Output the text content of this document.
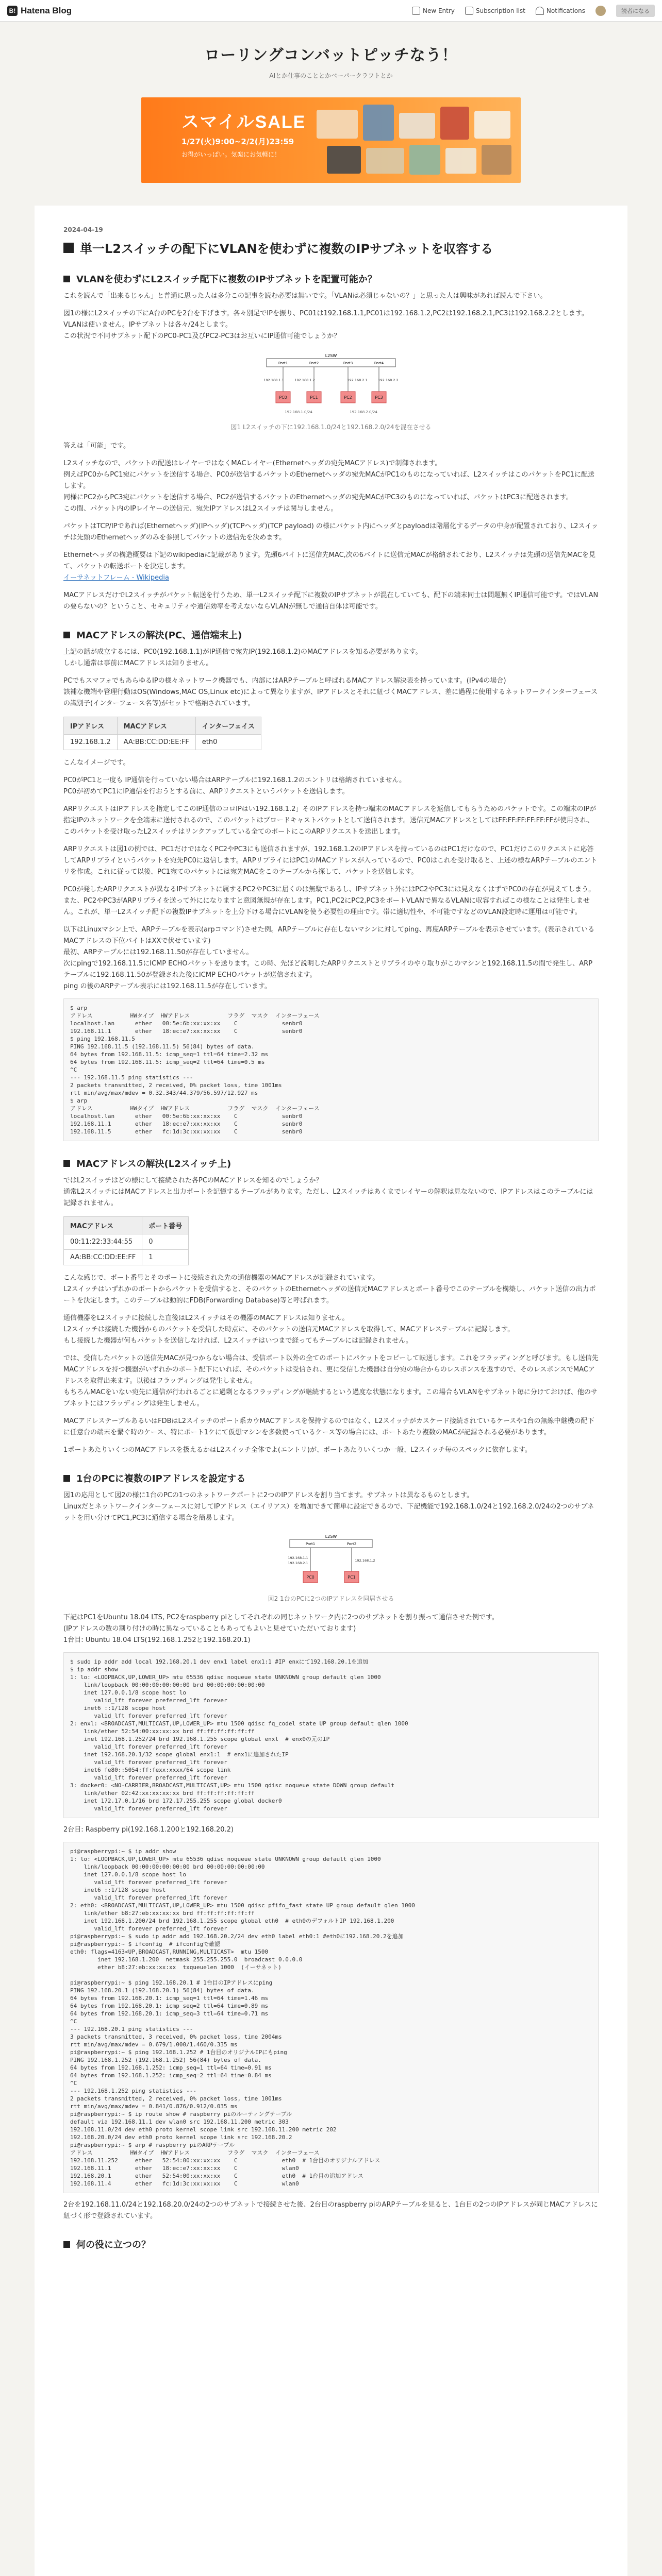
B! Hatena Blog	New Entry	Subscription list	Notifications	読者になる
ローリングコンバットピッチなう！
AIとか仕事のこととかベーパークラフトとか
スマイルSALE
1/27(火)9:00~2/2(月)23:59
お得がいっぱい。気楽にお気軽に！
2024-04-19
単一L2スイッチの配下にVLANを使わずに複数のIPサブネットを収容する
VLANを使わずにL2スイッチ配下に複数のIPサブネットを配置可能か？

これを読んで「出来るじゃん」と普通に思った人は多分この記事を読む必要は無いです。「VLANは必須じゃないの？」と思った人は興味があれば読んで下さい。

図1の様にL2スイッチの下にA台のPCを2台を下げます。各々別足でIPを振り、PC01は192.168.1.1,PC01は192.168.1.2,PC2は192.168.2.1,PC3は192.168.2.2とします。

VLANは使いません。IPサブネットは各々/24とします。

この状況で不同サブネット配下のPC0-PC1及びPC2-PC3はお互いにIP通信可能でしょうか？

L2SW
Port1	Port2	Port3	Port4
192.168.1.1	192.168.1.2	192.168.2.1	192.168.2.2
PC0	PC1	PC2	PC3
192.168.1.0/24	192.168.2.0/24
図1 L2スイッチの下に192.168.1.0/24と192.168.2.0/24を混在させる

答えは「可能」です。

L2スイッチなので、パケットの配送はレイヤーではなくMACレイヤー(Ethernetヘッダの宛先MACアドレス)で制御されます。

例えばPC0からPC1宛にパケットを送信する場合、PC0が送信するパケットのEthernetヘッダの宛先MACがPC1のものになっていれば、L2スイッチはこのパケットをPC1に配送します。

同様にPC2からPC3宛にパケットを送信する場合、PC2が送信するパケットのEthernetヘッダの宛先MACがPC3のものになっていれば、パケットはPC3に配送されます。

この間、パケット内のIPレイヤーの送信元、宛先IPアドレスはL2スイッチは関与しません。

パケットはTCP/IPであれば(Ethernetヘッダ)(IPヘッダ)(TCPヘッダ)(TCP payload) の様にパケット内にヘッダとpayloadは階層化するデータの中身が配置されており、L2スイッチは先頭のEthernetヘッダのみを参照してパケットの送信先を決めます。

Ethernetヘッダの構造概要は下記のwikipediaに記載があります。先頭6バイトに送信先MAC,次の6バイトに送信元MACが格納されており、L2スイッチは先頭の送信先MACを見て、パケットの転送ポートを決定します。

イーサネットフレーム - Wikipedia

MACアドレスだけでL2スイッチがパケット転送を行うため、単一L2スイッチ配下に複数のIPサブネットが混在していても、配下の端末同士は問題無くIP通信可能です。ではVLANの要らないの？ということ、セキュリティや通信効率を考えないならVLANが無しで通信自体は可能です。

MACアドレスの解決(PC、通信端末上)

上記の話が成立するには、PC0(192.168.1.1)がIP通信で宛先IP(192.168.1.2)のMACアドレスを知る必要があります。

しかし通常は事前にMACアドレスは知りません。

PCでもスマフォでもあらゆるIPの様々ネットワーク機器でも、内部にはARPテーブルと呼ばれるMACアドレス解決表を持っています。(IPv4の場合)

該補な機端や管理行動はOS(Windows,MAC OS,Linux etc)によって異なりますが、IPアドレスとそれに紐づくMACアドレス、差に過程に使用するネットワークインターフェースの識別子(インターフェース名等)がセットで格納されています。

IPアドレス	MACアドレス	インターフェイス
192.168.1.2	AA:BB:CC:DD:EE:FF	eth0

こんなイメージです。

PC0がPC1と一度も IP通信を行っていない場合はARPテーブルに192.168.1.2のエントリは格納されていません。

PC0が初めてPC1にIP通信を行おうとする前に、ARPリクエストというパケットを送信します。

ARPリクエストはIPアドレスを指定してこのIP通信のコロIPはい192.168.1.2」そのIPアドレスを持つ端末のMACアドレスを返信してもらうためのパケットです。この端末のIPが指定IPのネットワークを全端末に送付されるので、このパケットはブロードキャストパケットとして送信されます。送信元MACアドレスとしてはFF:FF:FF:FF:FF:FFが使用され、このパケットを受け取ったL2スイッチはリンクアップしている全てのポートにこのARPリクエストを送出します。

ARPリクエストは図1の例では、PC1だけではなくPC2やPC3にも送信されますが、192.168.1.2のIPアドレスを持っているのはPC1だけなので、PC1だけこのリクエストに応答してARPリプライというパケットを宛先PC0に返信します。ARPリプライにはPC1のMACアドレスが入っているので、PC0はこれを受け取ると、上述の様なARPテーブルのエントリを作成。これに従って以後、PC1宛てのパケットには宛先MACをこのテーブルから探して、パケットを送信します。

PC0が発したARPリクエストが異なるIPサブネットに属するPC2やPC3に届くのは無駄であるし、IPサブネット外にはPC2やPC3には見えなくはずでPC0の存在が見えてしまう。また、PC2やPC3がARPリプライを送って外にになりますと意図無規が存在します。PC1,PC2にPC2,PC3をポートVLANで異なるVLANに収容すればこの様なことは発生しません。これが、単一L2スイッチ配下の複数IPサブネットを上分下ける場合にVLANを使う必要性の理由です。帯に適切性や、不可能ですなどのVLAN設定時に運用は可能です。

以下はLinuxマシン上で、ARPテーブルを表示(arpコマンド)させた例。ARPテーブルに存在しないマシンに対してping、再度ARPテーブルを表示させています。(表示されているMACアドレスの下位バイトはXXで伏せています)

最初、ARPテーブルには192.168.11.50が存在していません。

次にpingで192.168.11.5にICMP ECHOパケットを送ります。この時、先ほど説明したARPリクエストとリプライのやり取りがこのマシンと192.168.11.5の間で発生し、ARPテーブルに192.168.11.50が登録された後にICMP ECHOパケットが送信されます。

ping の後のARPテーブル表示には192.168.11.5が存在しています。

$ arp
アドレス           HWタイプ  HWアドレス           フラグ  マスク  インターフェース
localhost.lan      ether   00:5e:6b:xx:xx:xx    C             senbr0
192.168.11.1       ether   18:ec:e7:xx:xx:xx    C             senbr0
$ ping 192.168.11.5
PING 192.168.11.5 (192.168.11.5) 56(84) bytes of data.
64 bytes from 192.168.11.5: icmp_seq=1 ttl=64 time=2.32 ms
64 bytes from 192.168.11.5: icmp_seq=2 ttl=64 time=0.5 ms
^C
--- 192.168.11.5 ping statistics ---
2 packets transmitted, 2 received, 0% packet loss, time 1001ms
rtt min/avg/max/mdev = 0.32.343/44.379/56.597/12.927 ms
$ arp
アドレス           HWタイプ  HWアドレス           フラグ  マスク  インターフェース
localhost.lan      ether   00:5e:6b:xx:xx:xx    C             senbr0
192.168.11.1       ether   18:ec:e7:xx:xx:xx    C             senbr0
192.168.11.5       ether   fc:1d:3c:xx:xx:xx    C             senbr0
MACアドレスの解決(L2スイッチ上)

ではL2スイッチはどの様にして接続された各PCのMACアドレスを知るのでしょうか？

通常L2スイッチにはMACアドレスと出力ポートを記憶するテーブルがあります。ただし、L2スイッチはあくまでレイヤーの解釈は見なないので、IPアドレスはこのテーブルには記録されません。

MACアドレス	ポート番号
00:11:22:33:44:55	0
AA:BB:CC:DD:EE:FF	1

こんな感じで、ポート番号とそのポートに接続された先の通信機器のMACアドレスが記録されています。

L2スイッチはいずれかのポートからパケットを受信すると、そのパケットのEthernetヘッダの送信元MACアドレスとポート番号でこのテーブルを構築し、パケット送信の出力ポートを決定します。このテーブルは動的にFDB(Forwarding Database)等と呼ばれます。

通信機器をL2スイッチに接続した直後はL2スイッチはその機器のMACアドレスは知りません。

L2スイッチは接続した機器からのパケットを受信した時点に、そのパケットの送信元MACアドレスを取得して、MACアドレステーブルに記録します。

もし接続した機器が何もパケットを送信しなければ、L2スイッチはいつまで経ってもテーブルには記録されません。

では、受信したパケットの送信先MACが見つからない場合は、受信ポート以外の全てのポートにパケットをコピーして転送します。これをフラッディングと呼びます。もし送信先MACアドレスを持つ機器がいずれかのポート配下にいれば、そのパケットは受信され、更に受信した機器は自分宛の場合からのレスポンスを返すので、そのレスポンスでMACアドレスを取得出来ます。以後はフラッディングは発生しません。

もちろんMACをいない宛先に通信が行われるごとに過剰となるフラッディングが継続するという過度な状態になります。この場合もVLANをサブネット毎に分けておけば、他のサブネットにはフラッディングは発生しません。

MACアドレステーブルあるいはFDBはL2スイッチのポート系カウMACアドレスを保持するのではなく、L2スイッチがカスケード接続されているケースや1台の無線中継機の配下に任意台の端末を繋ぐ時のケース、特にポート1ケにて仮想マシンを多数使っているケース等の場合には、ポートあたり複数のMACが記録される必要があります。

1ポートあたりいくつのMACアドレスを扱えるかはL2スイッチ全体でよ(エントリ)が、ポートあたりいくつか一般、L2スイッチ毎のスペックに依存します。

1台のPCに複数のIPアドレスを設定する

図1の応用として図2の様に1台のPCの1つのネットワークポートに2つのIPアドレスを割り当てます。サブネットは異なるものとします。

Linuxだとネットワークインターフェースに対してIPアドレス（エイリアス）を増加できて簡単に設定できるので、下記機能で192.168.1.0/24と192.168.2.0/24の2つのサブネットを用い分けてPC1,PC3に通信する場合を簡易します。

L2SW
Port1	Port2
192.168.1.1
192.168.2.1
192.168.1.2
PC0	PC1
図2 1台のPCに2つのIPアドレスを同居させる

下記はPC1をUbuntu 18.04 LTS, PC2をraspberry piとしてそれぞれの同じネットワーク内に2つのサブネットを割り振って通信させた例です。

(IPアドレスの数の割り付けの時に異なっていることもあってもよいと見せていただいております)

1台目: Ubuntu 18.04 LTS(192.168.1.252と192.168.20.1)

$ sudo ip addr add local 192.168.20.1 dev enx1 label enx1:1 #IP enxにて192.168.20.1を追加
$ ip addr show
1: lo: <LOOPBACK,UP,LOWER_UP> mtu 65536 qdisc noqueue state UNKNOWN group default qlen 1000
link/loopback 00:00:00:00:00:00 brd 00:00:00:00:00:00
inet 127.0.0.1/8 scope host lo
valid_lft forever preferred_lft forever
inet6 ::1/128 scope host
valid_lft forever preferred_lft forever
2: enxl: <BROADCAST,MULTICAST,UP,LOWER_UP> mtu 1500 qdisc fq_codel state UP group default qlen 1000
link/ether 52:54:00:xx:xx:xx brd ff:ff:ff:ff:ff:ff
inet 192.168.1.252/24 brd 192.168.1.255 scope global enxl  # enx0の元のIP
valid_lft forever preferred_lft forever
inet 192.168.20.1/32 scope global enx1:1  # enx1に追加されたIP
valid_lft forever preferred_lft forever
inet6 fe80::5054:ff:fexx:xxxx/64 scope link
valid_lft forever preferred_lft forever
3: docker0: <NO-CARRIER,BROADCAST,MULTICAST,UP> mtu 1500 qdisc noqueue state DOWN group default
link/ether 02:42:xx:xx:xx:xx brd ff:ff:ff:ff:ff:ff
inet 172.17.0.1/16 brd 172.17.255.255 scope global docker0
valid_lft forever preferred_lft forever

2台目: Raspberry pi(192.168.1.200と192.168.20.2)

pi@raspberrypi:~ $ ip addr show
1: lo: <LOOPBACK,UP,LOWER_UP> mtu 65536 qdisc noqueue state UNKNOWN group default qlen 1000
link/loopback 00:00:00:00:00:00 brd 00:00:00:00:00:00
inet 127.0.0.1/8 scope host lo
valid_lft forever preferred_lft forever
inet6 ::1/128 scope host
valid_lft forever preferred_lft forever
2: eth0: <BROADCAST,MULTICAST,UP,LOWER_UP> mtu 1500 qdisc pfifo_fast state UP group default qlen 1000
link/ether b8:27:eb:xx:xx:xx brd ff:ff:ff:ff:ff:ff
inet 192.168.1.200/24 brd 192.168.1.255 scope global eth0  # eth0のデフォルトIP 192.168.1.200
valid_lft forever preferred_lft forever
pi@raspberrypi:~ $ sudo ip addr add 192.168.20.2/24 dev eth0 label eth0:1 #eth0に192.168.20.2を追加
pi@raspberrypi:~ $ ifconfig  # ifconfigで確認
eth0: flags=4163<UP,BROADCAST,RUNNING,MULTICAST>  mtu 1500
inet 192.168.1.200  netmask 255.255.255.0  broadcast 0.0.0.0
ether b8:27:eb:xx:xx:xx  txqueuelen 1000  (イーサネット)

pi@raspberrypi:~ $ ping 192.168.20.1 # 1台目のIPアドレスにping
PING 192.168.20.1 (192.168.20.1) 56(84) bytes of data.
64 bytes from 192.168.20.1: icmp_seq=1 ttl=64 time=1.46 ms
64 bytes from 192.168.20.1: icmp_seq=2 ttl=64 time=0.89 ms
64 bytes from 192.168.20.1: icmp_seq=3 ttl=64 time=0.71 ms
^C
--- 192.168.20.1 ping statistics ---
3 packets transmitted, 3 received, 0% packet loss, time 2004ms
rtt min/avg/max/mdev = 0.679/1.000/1.460/0.335 ms
pi@raspberrypi:~ $ ping 192.168.1.252 # 1台目のオリジナルIPにもping
PING 192.168.1.252 (192.168.1.252) 56(84) bytes of data.
64 bytes from 192.168.1.252: icmp_seq=1 ttl=64 time=0.91 ms
64 bytes from 192.168.1.252: icmp_seq=2 ttl=64 time=0.84 ms
^C
--- 192.168.1.252 ping statistics ---
2 packets transmitted, 2 received, 0% packet loss, time 1001ms
rtt min/avg/max/mdev = 0.841/0.876/0.912/0.035 ms
pi@raspberrypi:~ $ ip route show # raspberry piのルーティングテーブル
default via 192.168.11.1 dev wlan0 src 192.168.11.200 metric 303
192.168.11.0/24 dev eth0 proto kernel scope link src 192.168.11.200 metric 202
192.168.20.0/24 dev eth0 proto kernel scope link src 192.168.20.2
pi@raspberrypi:~ $ arp # raspberry piのARPテーブル
アドレス           HWタイプ  HWアドレス           フラグ  マスク  インターフェース
192.168.11.252     ether   52:54:00:xx:xx:xx    C             eth0  # 1台目のオリジナルアドレス
192.168.11.1       ether   18:ec:e7:xx:xx:xx    C             wlan0
192.168.20.1       ether   52:54:00:xx:xx:xx    C             eth0  # 1台目の追加アドレス
192.168.11.4       ether   fc:1d:3c:xx:xx:xx    C             wlan0

2台を192.168.11.0/24と192.168.20.0/24の2つのサブネットで接続させた後、2台目のraspberry piのARPテーブルを見ると、1台目の2つのIPアドレスが同じMACアドレスに紐づく形で登録されています。

何の役に立つの？
